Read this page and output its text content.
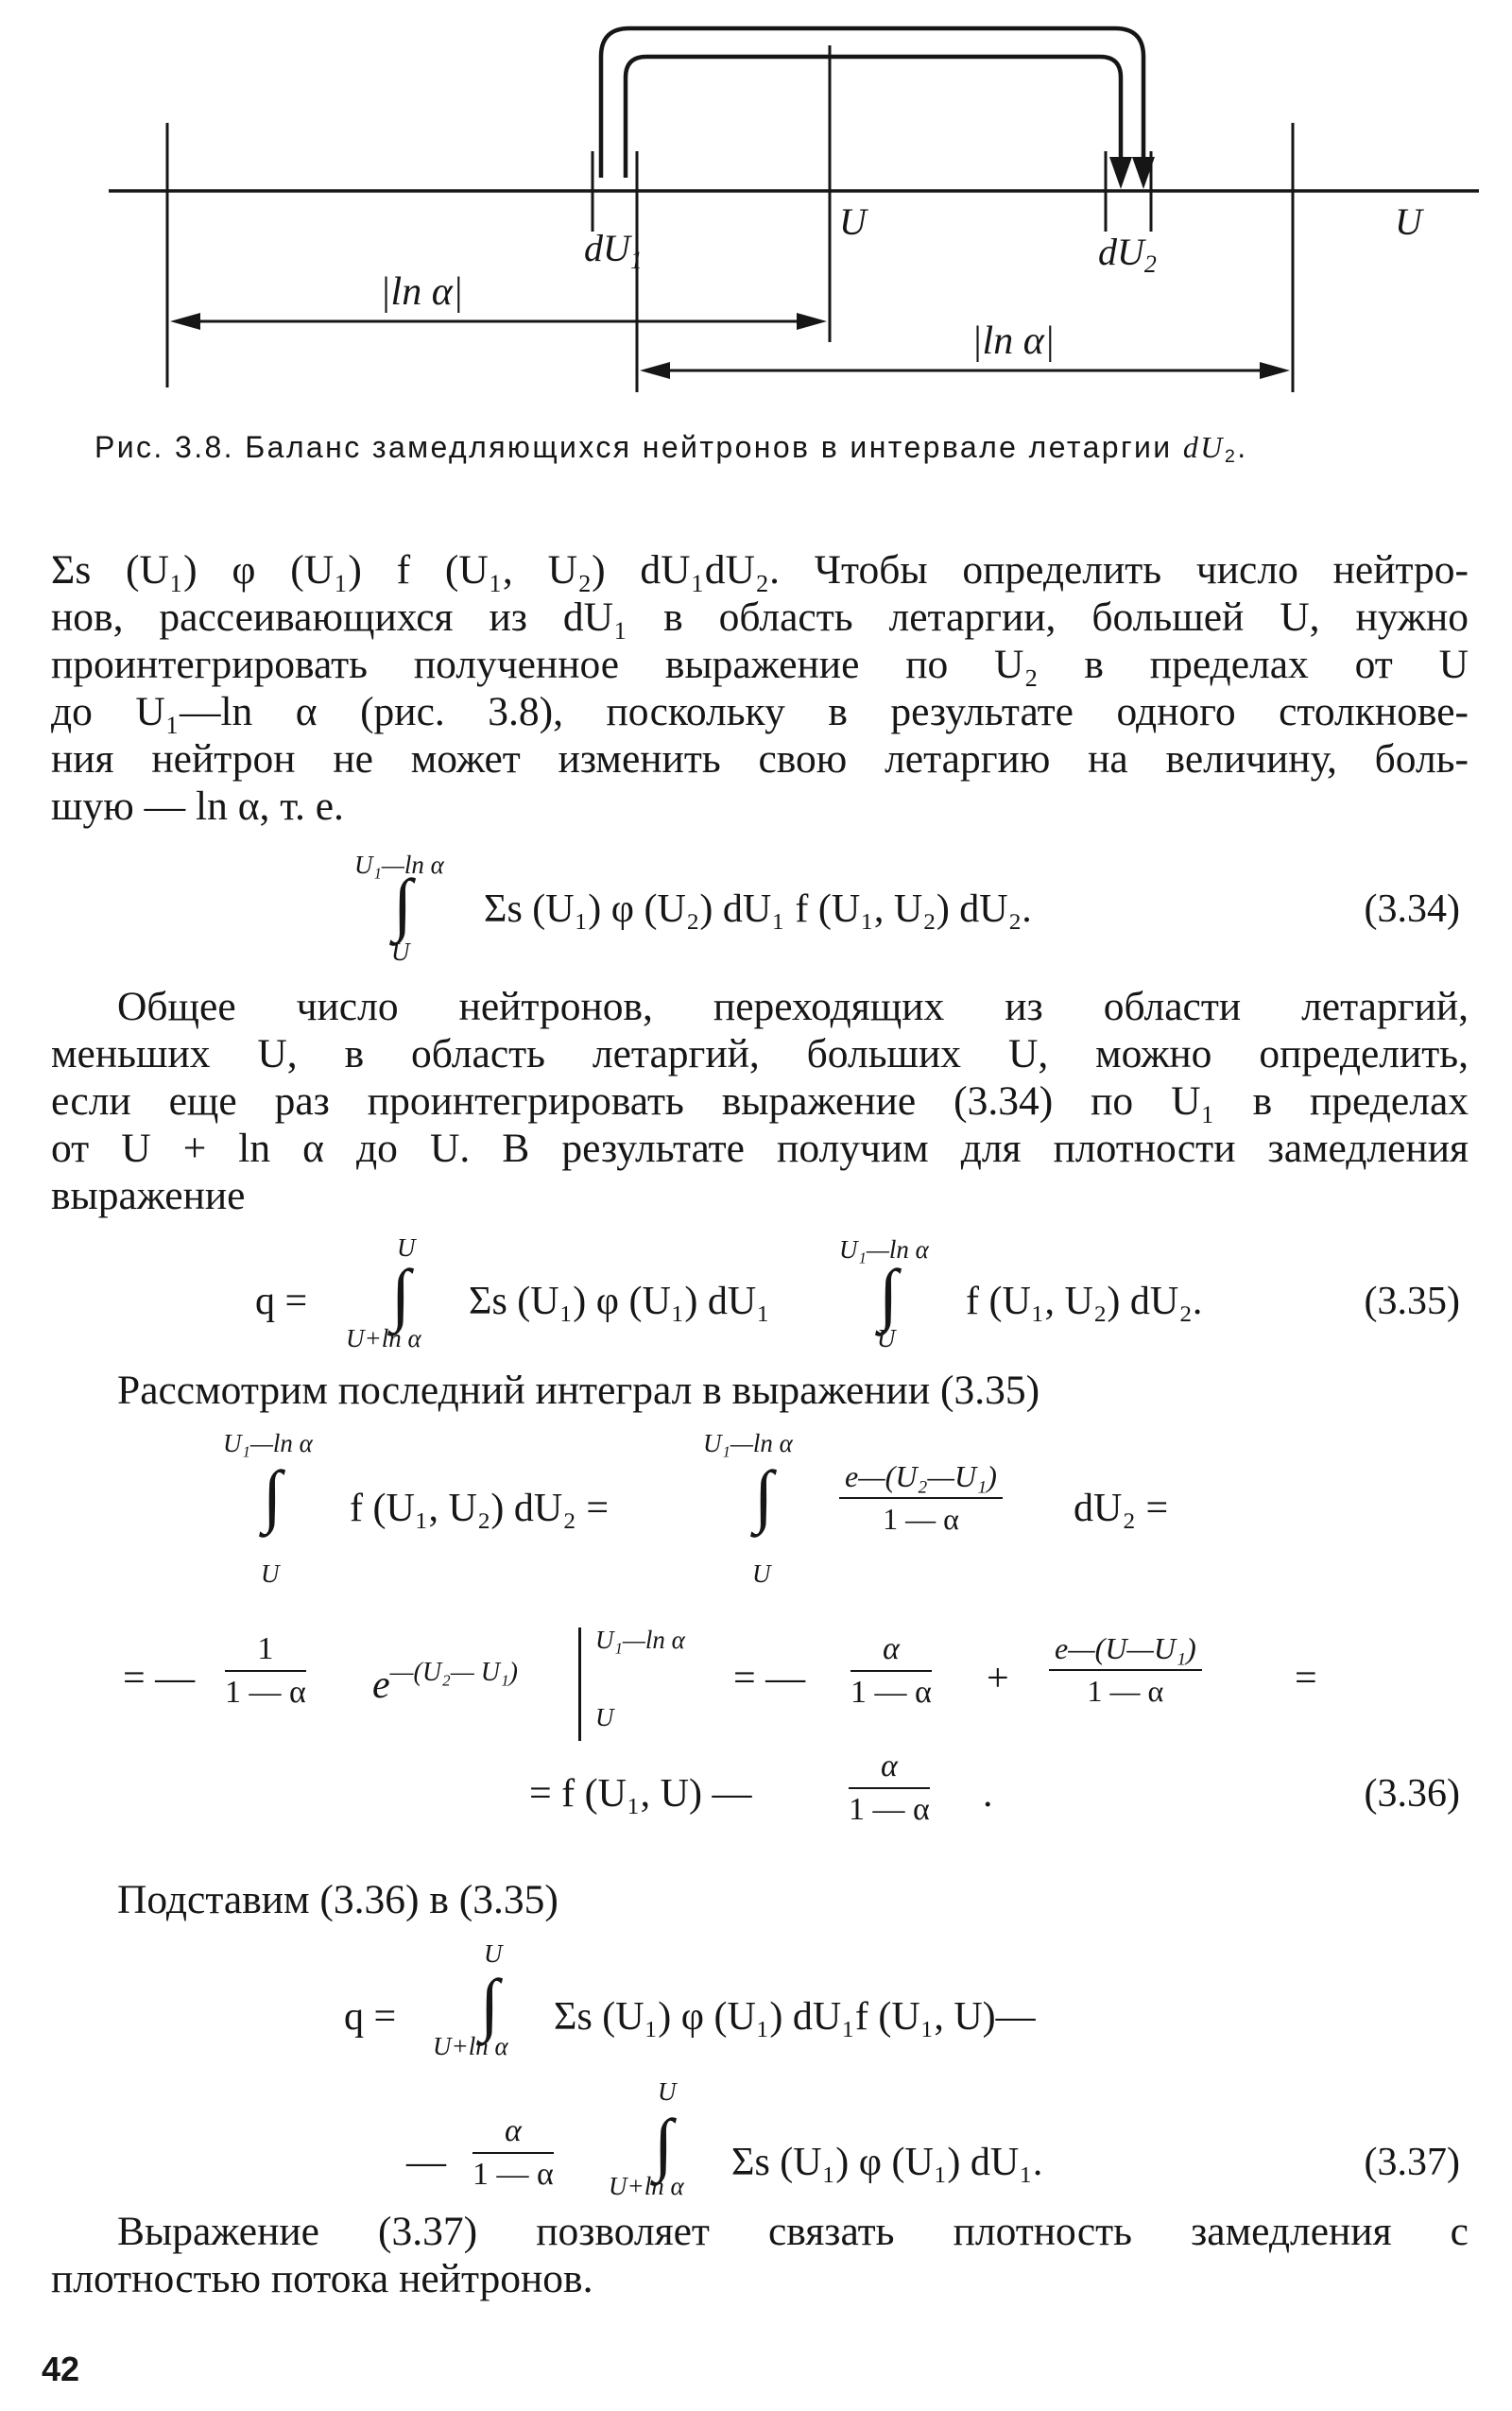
$dU_1$
U
$dU_2$
U
|ln α|
|ln α|
Рис. 3.8. Баланс замедляющихся нейтронов в интервале летаргии $dU_2$.
Σs (U₁) φ (U₁) f (U₁, U₂) dU₁dU₂. Чтобы определить число нейтро-
нов, рассеивающихся из dU₁ в область летаргии, большей U, нужно
проинтегрировать полученное выражение по U₂ в пределах от U
до U₁—ln α (рис. 3.8), поскольку в результате одного столкнове-
ния нейтрон не может изменить свою летаргию на величину, боль-
шую — ln α, т. е.
U₁—ln α
∫
U
Σs (U₁) φ (U₂) dU₁ f (U₁, U₂) dU₂.	(3.34)
Общее число нейтронов, переходящих из области летаргий,
меньших U, в область летаргий, больших U, можно определить,
если еще раз проинтегрировать выражение (3.34) по U₁ в пределах
от U + ln α до U. В результате получим для плотности замедления
выражение
q =
U
∫
U+ln α
Σs (U₁) φ (U₁) dU₁
U₁—ln α
∫
U
f (U₁, U₂) dU₂.	(3.35)
Рассмотрим последний интеграл в выражении (3.35)
U₁—ln α
∫
U
f (U₁, U₂) dU₂ =
U₁—ln α
∫
U
$\frac{\text{e—(U₂—U₁)}}{1 — \alpha} dU_2$ =
= — $\frac{1}{1 — \alpha} e^{—(U_2— U_1)}$
U₁—ln α
U
= — $\frac{\alpha}{1 — \alpha} + \frac{\text{e—(U—U₁)}}{1 — \alpha}$ =
= f (U₁, U) —	$\frac{\alpha}{1 — \alpha}$ .	(3.36)
Подставим (3.36) в (3.35)
q =
U
∫
U+ln α
Σs (U₁) φ (U₁) dU₁f (U₁, U)—
— $\frac{\alpha}{1 — \alpha}$
U
∫
U+ln α
Σs (U₁) φ (U₁) dU₁.	(3.37)
Выражение (3.37) позволяет связать плотность замедления с
плотностью потока нейтронов.
42
